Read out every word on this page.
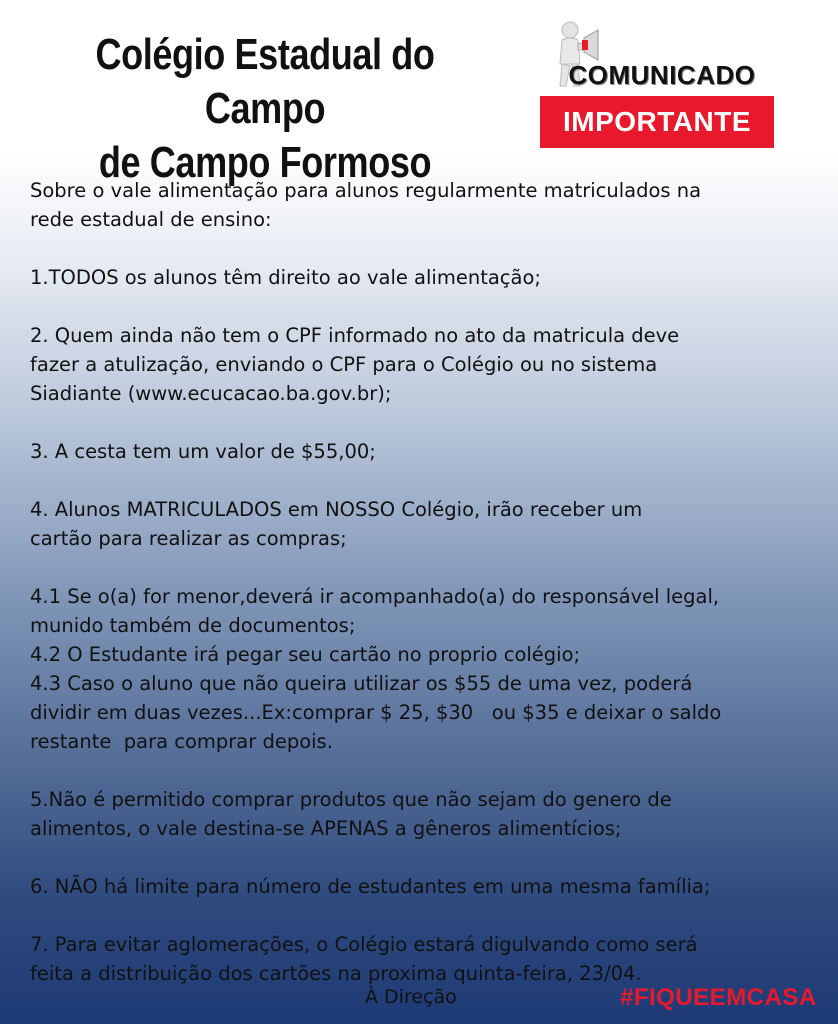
Colégio Estadual do Campo
de Campo Formoso
COMUNICADO
IMPORTANTE

Sobre o vale alimentação para alunos regularmente matriculados na

rede estadual de ensino:

1.TODOS os alunos têm direito ao vale alimentação;

2. Quem ainda não tem o CPF informado no ato da matricula deve

fazer a atulização, enviando o CPF para o Colégio ou no sistema

Siadiante (www.ecucacao.ba.gov.br);

3. A cesta tem um valor de $55,00;

4. Alunos MATRICULADOS em NOSSO Colégio, irão receber um

cartão para realizar as compras;

4.1 Se o(a) for menor,deverá ir acompanhado(a) do responsável legal,

munido também de documentos;

4.2 O Estudante irá pegar seu cartão no proprio colégio;

4.3 Caso o aluno que não queira utilizar os $55 de uma vez, poderá

dividir em duas vezes...Ex:comprar $ 25, $30   ou $35 e deixar o saldo

restante  para comprar depois.

5.Não é permitido comprar produtos que não sejam do genero de

alimentos, o vale destina-se APENAS a gêneros alimentícios;

6. NÃO há limite para número de estudantes em uma mesma família;

7. Para evitar aglomerações, o Colégio estará digulvando como será

feita a distribuição dos cartões na proxima quinta-feira, 23/04.

À Direção	#FIQUEEMCASA
